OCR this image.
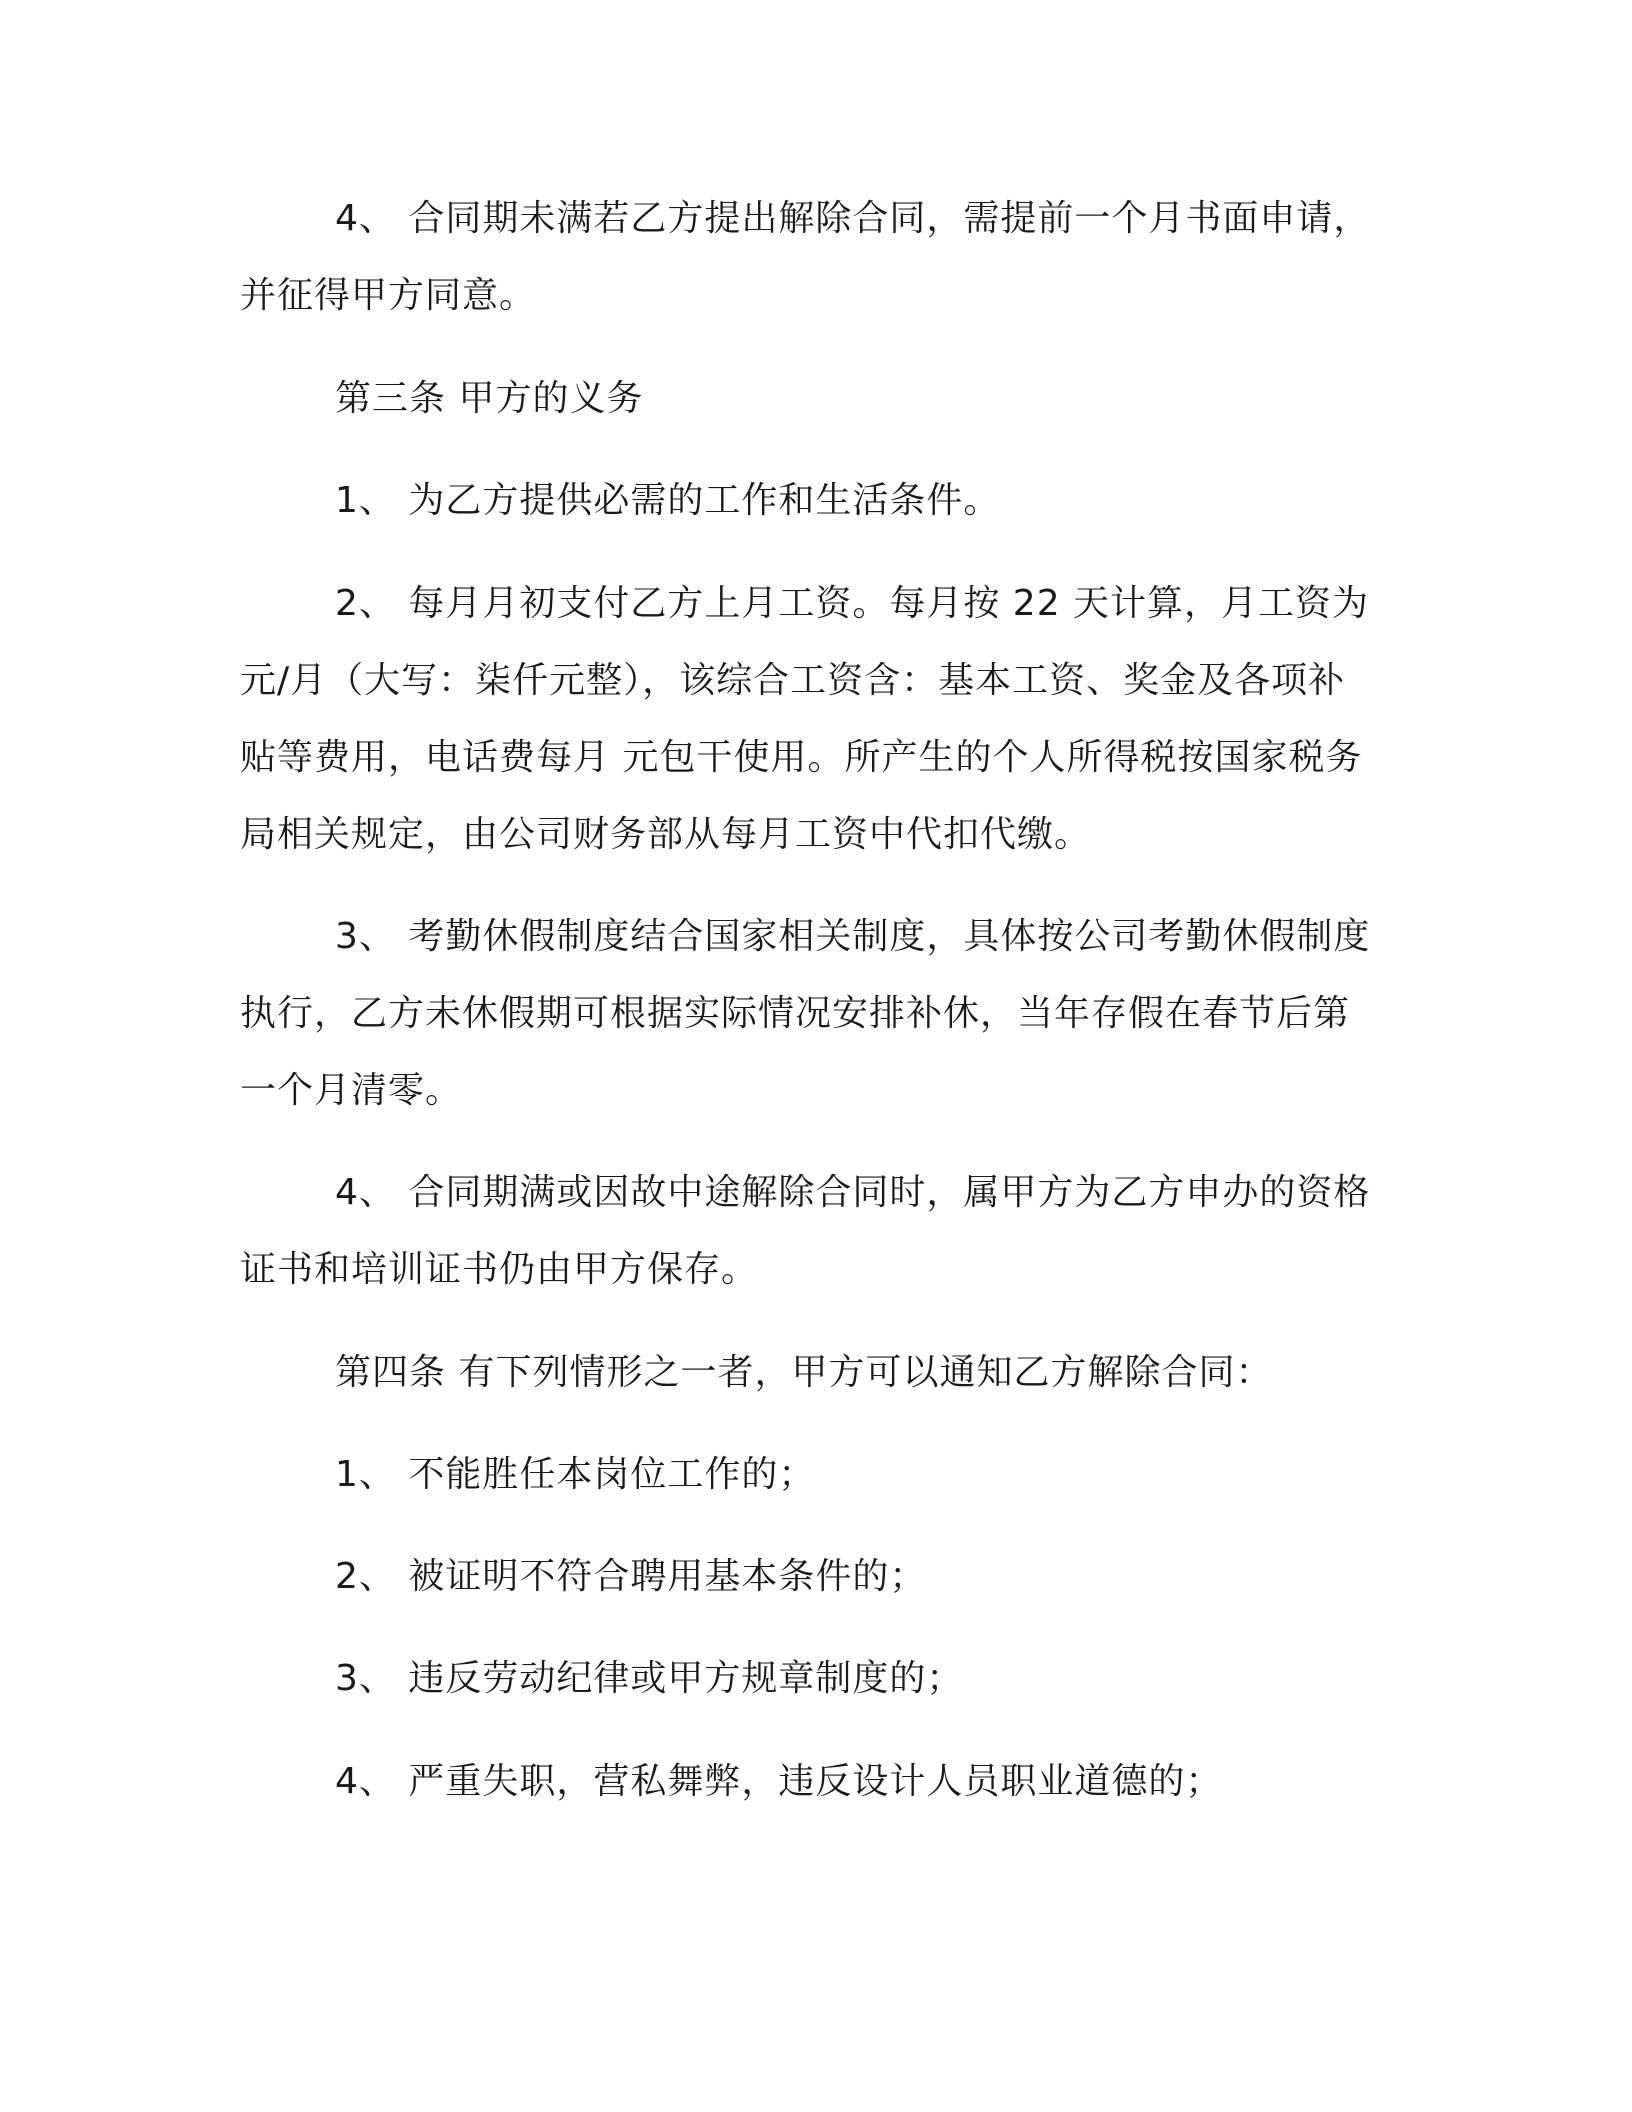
4、 合同期未满若乙方提出解除合同，需提前一个月书面申请，
并征得甲方同意。

第三条 甲方的义务

1、 为乙方提供必需的工作和生活条件。

2、 每月月初支付乙方上月工资。每月按 22 天计算，月工资为
元/月（大写：柒仟元整），该综合工资含：基本工资、奖金及各项补
贴等费用，电话费每月 元包干使用。所产生的个人所得税按国家税务
局相关规定，由公司财务部从每月工资中代扣代缴。

3、 考勤休假制度结合国家相关制度，具体按公司考勤休假制度
执行，乙方未休假期可根据实际情况安排补休，当年存假在春节后第
一个月清零。

4、 合同期满或因故中途解除合同时，属甲方为乙方申办的资格
证书和培训证书仍由甲方保存。

第四条 有下列情形之一者，甲方可以通知乙方解除合同：

1、 不能胜任本岗位工作的；

2、 被证明不符合聘用基本条件的；

3、 违反劳动纪律或甲方规章制度的；

4、 严重失职，营私舞弊，违反设计人员职业道德的；
